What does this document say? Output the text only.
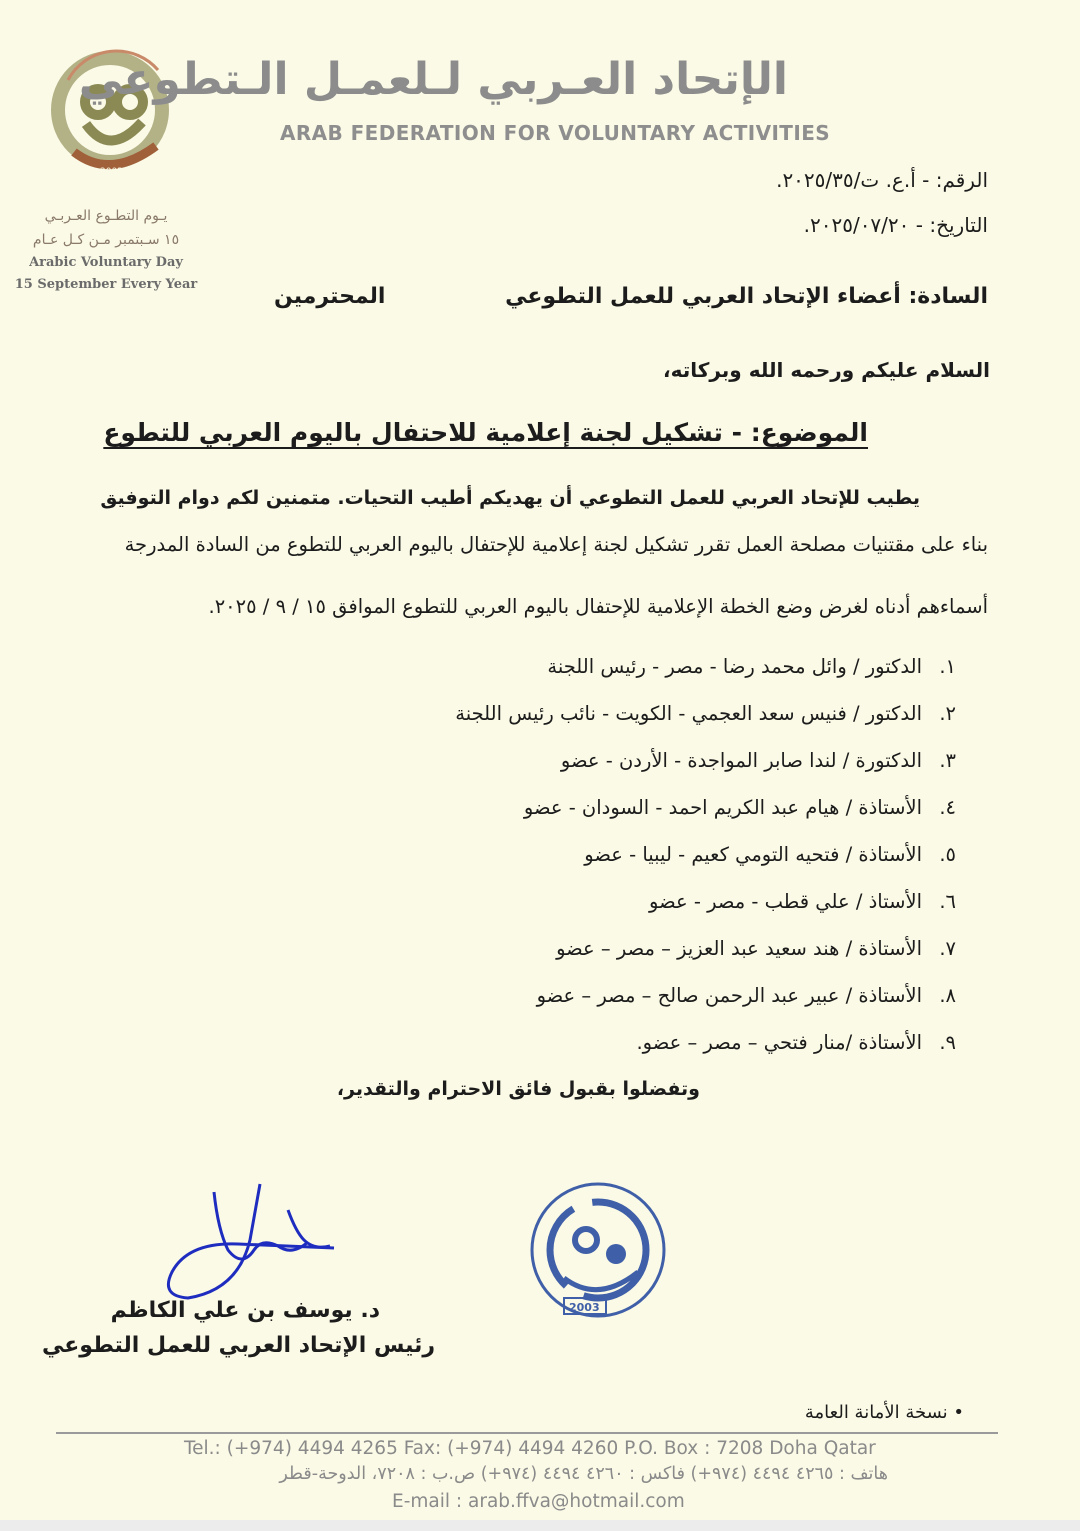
2003
يـوم التطـوع العـربـي
١٥ سـبتمبر مـن كـل عـام
Arabic Voluntary Day
15 September Every Year
الإتحاد العـربي لـلعمـل الـتطوعي
ARAB FEDERATION FOR VOLUNTARY ACTIVITIES
الرقم: - أ.ع. ت/٢٠٢٥/٣٥.
التاريخ: - ٢٠٢٥/٠٧/٢٠.
السادة: أعضاء الإتحاد العربي للعمل التطوعي
المحترمين
السلام عليكم ورحمه الله وبركاته،
الموضوع: - تشكيل لجنة إعلامية للاحتفال باليوم العربي للتطوع
يطيب للإتحاد العربي للعمل التطوعي أن يهديكم أطيب التحيات. متمنين لكم دوام التوفيق
بناء على مقتنيات مصلحة العمل تقرر تشكيل لجنة إعلامية للإحتفال باليوم العربي للتطوع من السادة المدرجة
أسماءهم أدناه لغرض وضع الخطة الإعلامية للإحتفال باليوم العربي للتطوع الموافق ١٥ / ٩ / ٢٠٢٥.
١.
الدكتور / وائل محمد رضا - مصر - رئيس اللجنة
٢.
الدكتور / فنيس سعد العجمي - الكويت - نائب رئيس اللجنة
٣.
الدكتورة / لندا صابر المواجدة - الأردن - عضو
٤.
الأستاذة / هيام عبد الكريم احمد - السودان - عضو
٥.
الأستاذة / فتحيه التومي كعيم - ليبيا - عضو
٦.
الأستاذ / علي قطب - مصر - عضو
٧.
الأستاذة / هند سعيد عبد العزيز – مصر – عضو
٨.
الأستاذة / عبير عبد الرحمن صالح – مصر – عضو
٩.
الأستاذة /منار فتحي – مصر – عضو.
وتفضلوا بقبول فائق الاحترام والتقدير،
2003
د. يوسف بن علي الكاظم
رئيس الإتحاد العربي للعمل التطوعي
• نسخة الأمانة العامة
Tel.: (+974) 4494 4265 Fax: (+974) 4494 4260 P.O. Box : 7208 Doha Qatar
هاتف : ٤٢٦٥ ٤٤٩٤ (٩٧٤+) فاكس : ٤٢٦٠ ٤٤٩٤ (٩٧٤+) ص.ب : ٧٢٠٨، الدوحة-قطر
E-mail : arab.ffva@hotmail.com
